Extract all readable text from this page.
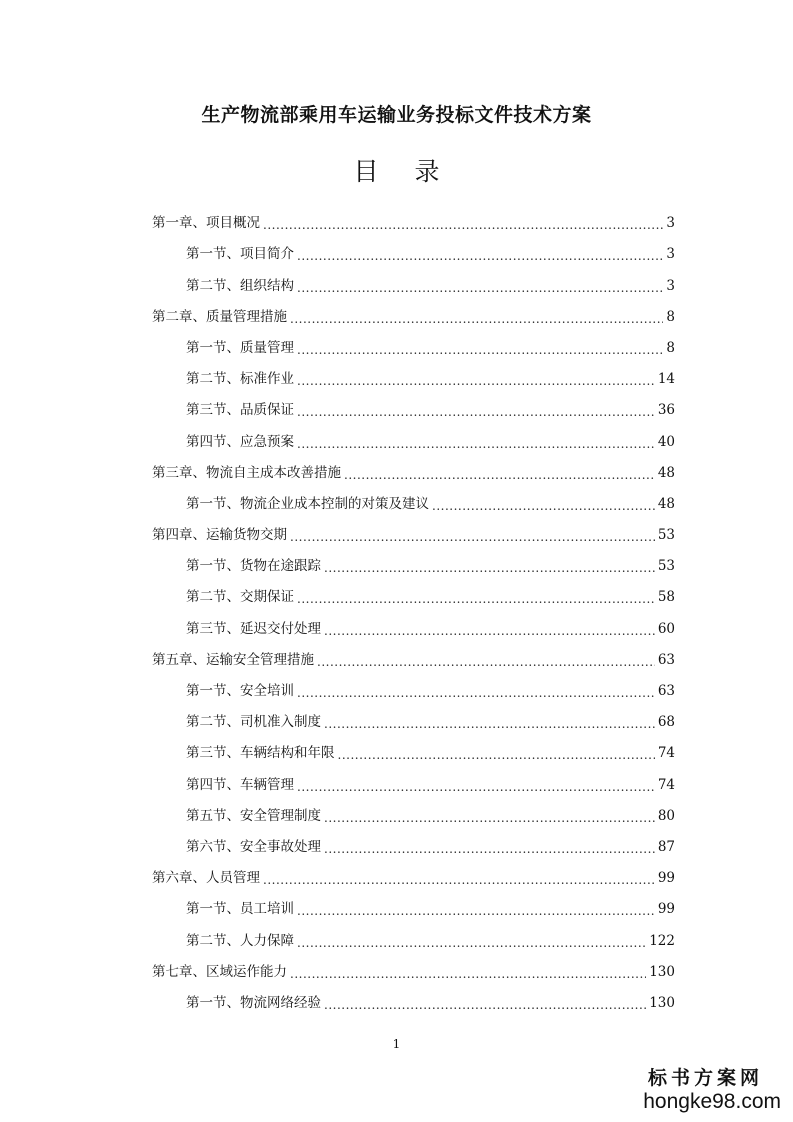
生产物流部乘用车运输业务投标文件技术方案
目 录
第一章、项目概况 .....	3
第一节、项目简介 .....	3
第二节、组织结构 .....	3
第二章、质量管理措施 .....	8
第一节、质量管理 .....	8
第二节、标准作业 .....	14
第三节、品质保证 .....	36
第四节、应急预案 .....	40
第三章、物流自主成本改善措施 .....	48
第一节、物流企业成本控制的对策及建议 .....	48
第四章、运输货物交期 .....	53
第一节、货物在途跟踪 .....	53
第二节、交期保证 .....	58
第三节、延迟交付处理 .....	60
第五章、运输安全管理措施 .....	63
第一节、安全培训 .....	63
第二节、司机准入制度 .....	68
第三节、车辆结构和年限 .....	74
第四节、车辆管理 .....	74
第五节、安全管理制度 .....	80
第六节、安全事故处理 .....	87
第六章、人员管理 .....	99
第一节、员工培训 .....	99
第二节、人力保障 .....	122
第七章、区域运作能力 .....	130
第一节、物流网络经验 .....	130
1
标书方案网
hongke98.com
